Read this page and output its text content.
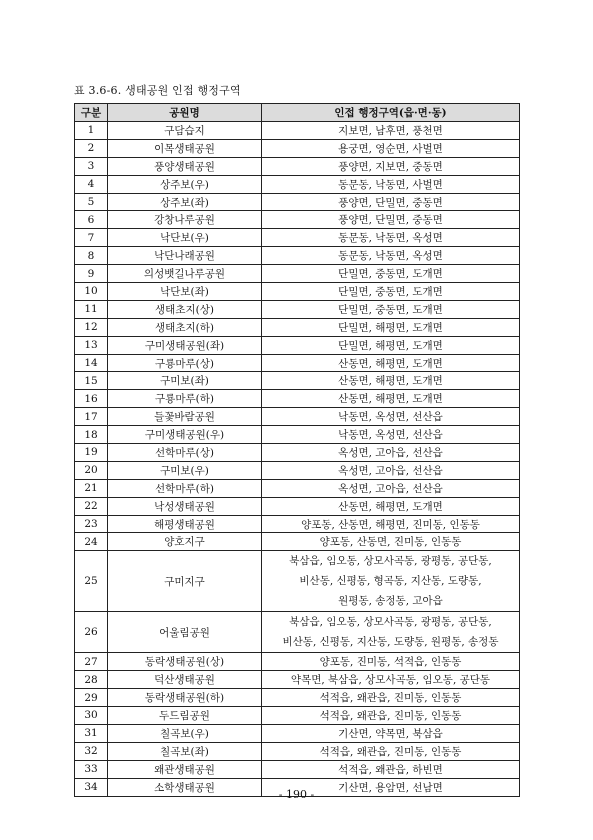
표 3.6-6. 생태공원 인접 행정구역
구분	공원명	인접 행정구역(읍·면·동)
1	구담습지	지보면, 남후면, 풍천면
2	이목생태공원	용궁면, 영순면, 사벌면
3	풍양생태공원	풍양면, 지보면, 중동면
4	상주보(우)	동문동, 낙동면, 사벌면
5	상주보(좌)	풍양면, 단밀면, 중동면
6	강창나루공원	풍양면, 단밀면, 중동면
7	낙단보(우)	동문동, 낙동면, 옥성면
8	낙단나래공원	동문동, 낙동면, 옥성면
9	의성뱃길나루공원	단밀면, 중동면, 도개면
10	낙단보(좌)	단밀면, 중동면, 도개면
11	생태초지(상)	단밀면, 중동면, 도개면
12	생태초지(하)	단밀면, 해평면, 도개면
13	구미생태공원(좌)	단밀면, 해평면, 도개면
14	구룡마루(상)	산동면, 해평면, 도개면
15	구미보(좌)	산동면, 해평면, 도개면
16	구룡마루(하)	산동면, 해평면, 도개면
17	들꽃바람공원	낙동면, 옥성면, 선산읍
18	구미생태공원(우)	낙동면, 옥성면, 선산읍
19	선학마루(상)	옥성면, 고아읍, 선산읍
20	구미보(우)	옥성면, 고아읍, 선산읍
21	선학마루(하)	옥성면, 고아읍, 선산읍
22	낙성생태공원	산동면, 해평면, 도개면
23	해평생태공원	양포동, 산동면, 해평면, 진미동, 인동동
24	양호지구	양포동, 산동면, 진미동, 인동동
25	구미지구	북삼읍, 임오동, 상모사곡동, 광평동, 공단동,
비산동, 신평동, 형곡동, 지산동, 도량동,
원평동, 송정동, 고아읍
26	어울림공원	북삼읍, 임오동, 상모사곡동, 광평동, 공단동,
비산동, 신평동, 지산동, 도량동, 원평동, 송정동
27	동락생태공원(상)	양포동, 진미동, 석적읍, 인동동
28	덕산생태공원	약목면, 북삼읍, 상모사곡동, 임오동, 공단동
29	동락생태공원(하)	석적읍, 왜관읍, 진미동, 인동동
30	두드림공원	석적읍, 왜관읍, 진미동, 인동동
31	칠곡보(우)	기산면, 약목면, 북삼읍
32	칠곡보(좌)	석적읍, 왜관읍, 진미동, 인동동
33	왜관생태공원	석적읍, 왜관읍, 하빈면
34	소학생태공원	기산면, 용암면, 선남면
- 190 -
